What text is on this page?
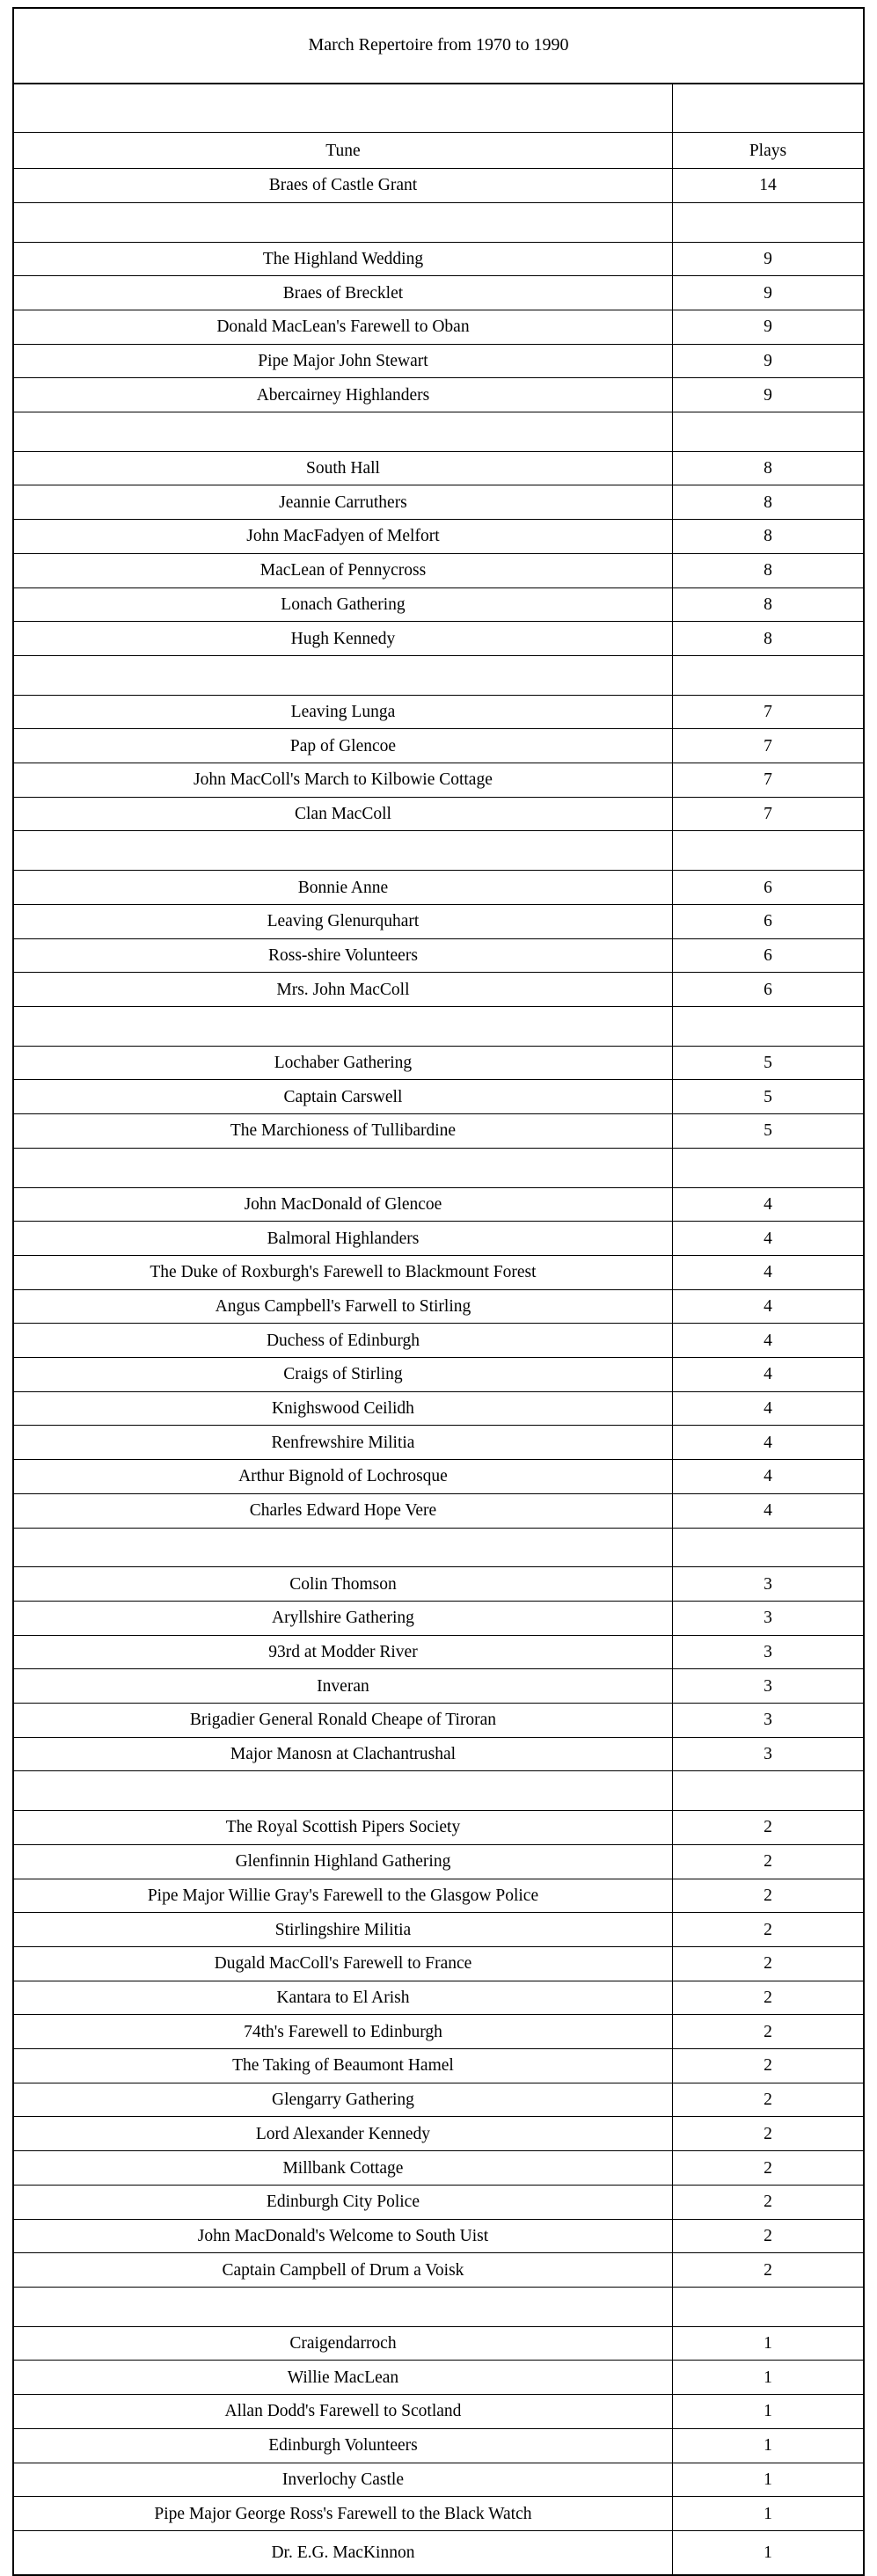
March Repertoire from 1970 to 1990	

Tune	Plays
Braes of Castle Grant	14

The Highland Wedding	9
Braes of Brecklet	9
Donald MacLean's Farewell to Oban	9
Pipe Major John Stewart	9
Abercairney Highlanders	9

South Hall	8
Jeannie Carruthers	8
John MacFadyen of Melfort	8
MacLean of Pennycross	8
Lonach Gathering	8
Hugh Kennedy	8

Leaving Lunga	7
Pap of Glencoe	7
John MacColl's March to Kilbowie Cottage	7
Clan MacColl	7

Bonnie Anne	6
Leaving Glenurquhart	6
Ross-shire Volunteers	6
Mrs. John MacColl	6

Lochaber Gathering	5
Captain Carswell	5
The Marchioness of Tullibardine	5

John MacDonald of Glencoe	4
Balmoral Highlanders	4
The Duke of Roxburgh's Farewell to Blackmount Forest	4
Angus Campbell's Farwell to Stirling	4
Duchess of Edinburgh	4
Craigs of Stirling	4
Knighswood Ceilidh	4
Renfrewshire Militia	4
Arthur Bignold of Lochrosque	4
Charles Edward Hope Vere	4

Colin Thomson	3
Aryllshire Gathering	3
93rd at Modder River	3
Inveran	3
Brigadier General Ronald Cheape of Tiroran	3
Major Manosn at Clachantrushal	3

The Royal Scottish Pipers Society	2
Glenfinnin Highland Gathering	2
Pipe Major Willie Gray's Farewell to the Glasgow Police	2
Stirlingshire Militia	2
Dugald MacColl's Farewell to France	2
Kantara to El Arish	2
74th's Farewell to Edinburgh	2
The Taking of Beaumont Hamel	2
Glengarry Gathering	2
Lord Alexander Kennedy	2
Millbank Cottage	2
Edinburgh City Police	2
John MacDonald's Welcome to South Uist	2
Captain Campbell of Drum a Voisk	2

Craigendarroch	1
Willie MacLean	1
Allan Dodd's Farewell to Scotland	1
Edinburgh Volunteers	1
Inverlochy Castle	1
Pipe Major George Ross's Farewell to the Black Watch	1
Dr. E.G. MacKinnon	1
